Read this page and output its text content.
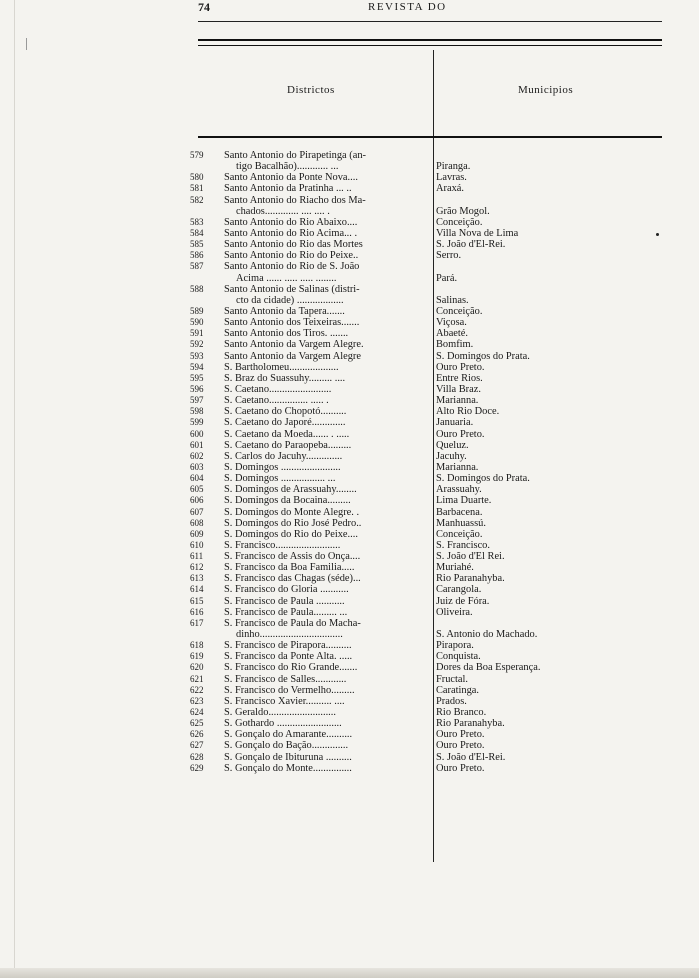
74	REVISTA DO
Districtos	Municipios
579	Santo Antonio do Pirapetinga (an-
tigo Bacalhão)............ ...	Piranga.
580	Santo Antonio da Ponte Nova....	Lavras.
581	Santo Antonio da Pratinha ... ..	Araxá.
582	Santo Antonio do Riacho dos Ma-
chados............. .... .... .	Grão Mogol.
583	Santo Antonio do Rio Abaixo....	Conceição.
584	Santo Antonio do Rio Acima... .	Villa Nova de Lima
585	Santo Antonio do Rio das Mortes	S. João d'El-Rei.
586	Santo Antonio do Rio do Peixe..	Serro.
587	Santo Antonio do Rio de S. João
Acima ...... ..... ..... ........	Pará.
588	Santo Antonio de Salinas (distri-
cto da cidade) ..................	Salinas.
589	Santo Antonio da Tapera.......	Conceição.
590	Santo Antonio dos Teixeiras.......	Viçosa.
591	Santo Antonio dos Tiros. .......	Abaeté.
592	Santo Antonio da Vargem Alegre.	Bomfim.
593	Santo Antonio da Vargem Alegre	S. Domingos do Prata.
594	S. Bartholomeu...................	Ouro Preto.
595	S. Braz do Suassuhy......... ....	Entre Rios.
596	S. Caetano........................	Villa Braz.
597	S. Caetano............... ..... .	Marianna.
598	S. Caetano do Chopotó..........	Alto Rio Doce.
599	S. Caetano do Japoré.............	Januaria.
600	S. Caetano da Moeda...... . .....	Ouro Preto.
601	S. Caetano do Paraopeba.........	Queluz.
602	S. Carlos do Jacuhy..............	Jacuhy.
603	S. Domingos .......................	Marianna.
604	S. Domingos ................. ...	S. Domingos do Prata.
605	S. Domingos de Arassuahy........	Arassuahy.
606	S. Domingos da Bocaina.........	Lima Duarte.
607	S. Domingos do Monte Alegre. .	Barbacena.
608	S. Domingos do Rio José Pedro..	Manhuassú.
609	S. Domingos do Rio do Peixe....	Conceição.
610	S. Francisco.........................	S. Francisco.
611	S. Francisco de Assis do Onça....	S. João d'El Rei.
612	S. Francisco da Boa Familia.....	Muriahé.
613	S. Francisco das Chagas (séde)...	Rio Paranahyba.
614	S. Francisco do Gloria ...........	Carangola.
615	S. Francisco de Paula ...........	Juiz de Fóra.
616	S. Francisco de Paula......... ...	Oliveira.
617	S. Francisco de Paula do Macha-
dinho................................	S. Antonio do Machado.
618	S. Francisco de Pirapora..........	Pirapora.
619	S. Francisco da Ponte Alta. .....	Conquista.
620	S. Francisco do Rio Grande.......	Dores da Boa Esperança.
621	S. Francisco de Salles............	Fructal.
622	S. Francisco do Vermelho.........	Caratinga.
623	S. Francisco Xavier.......... ....	Prados.
624	S. Geraldo..........................	Rio Branco.
625	S. Gothardo .........................	Rio Paranahyba.
626	S. Gonçalo do Amarante..........	Ouro Preto.
627	S. Gonçalo do Bação..............	Ouro Preto.
628	S. Gonçalo de Ibituruna ..........	S. João d'El-Rei.
629	S. Gonçalo do Monte...............	Ouro Preto.
